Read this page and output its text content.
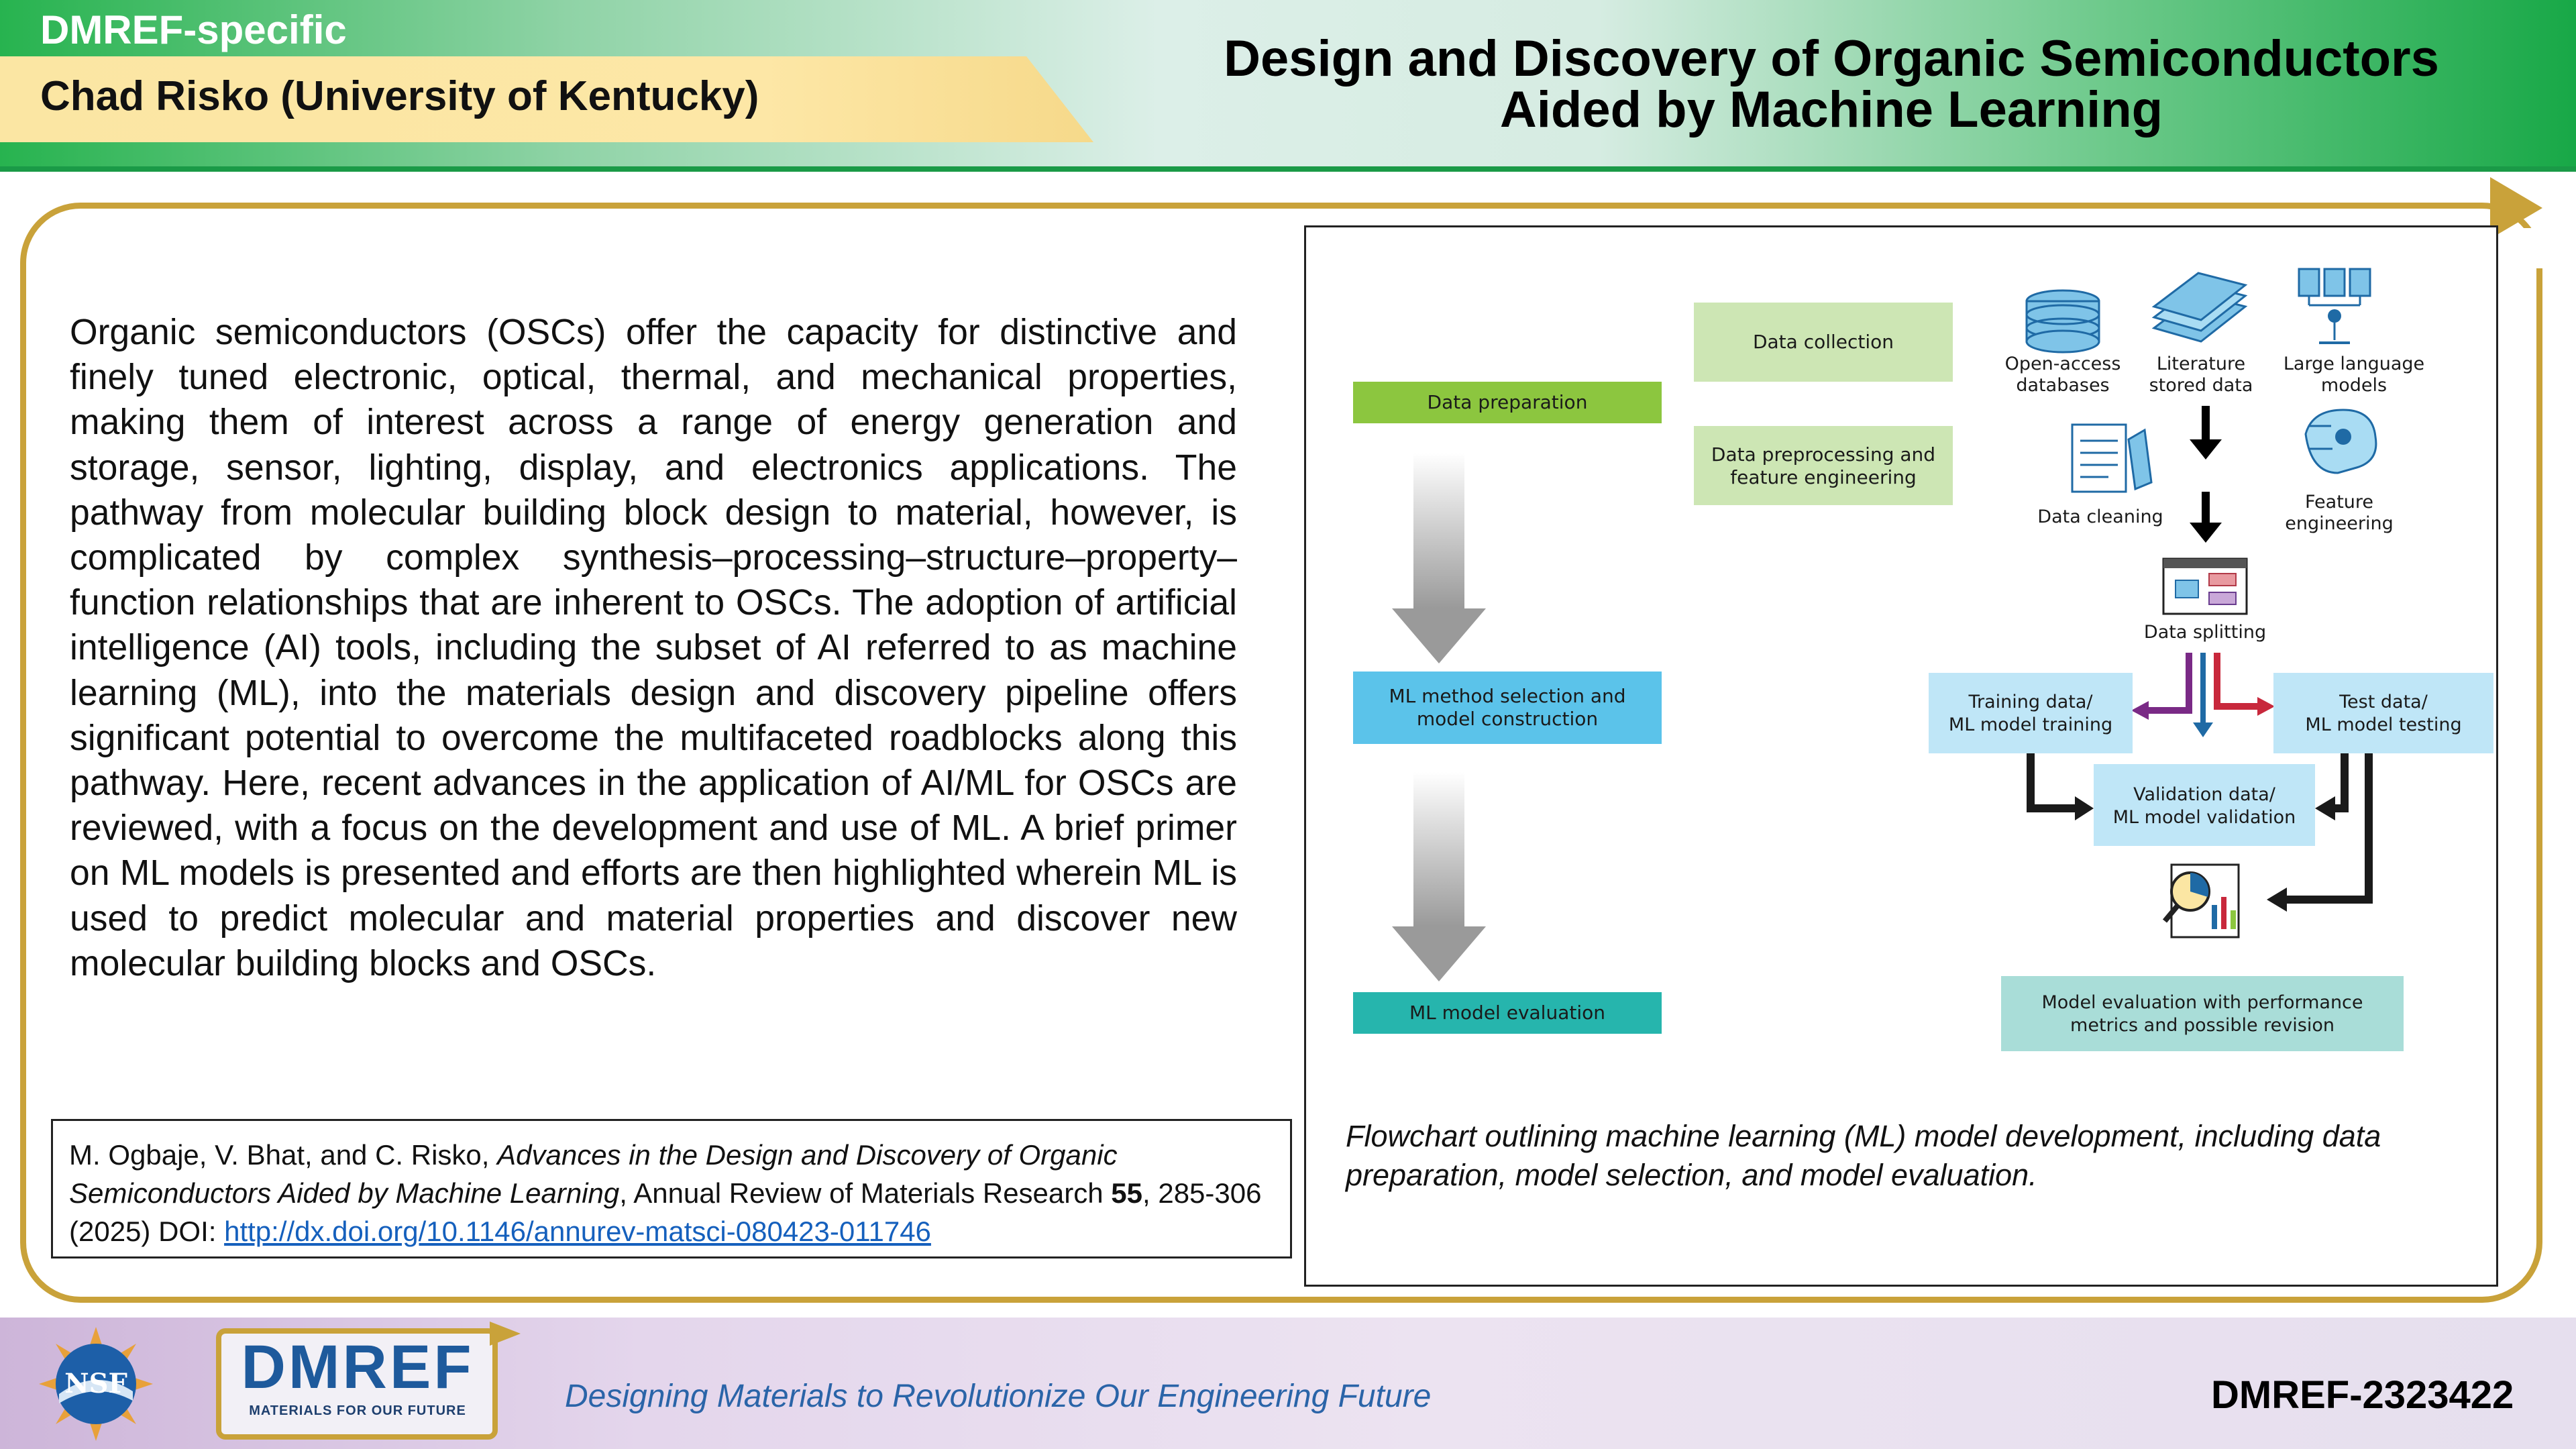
DMREF-specific
Chad Risko (University of Kentucky)
Design and Discovery of Organic Semiconductors
Aided by Machine Learning
Organic semiconductors (OSCs) offer the capacity for distinctive and finely tuned electronic, optical, thermal, and mechanical properties, making them of interest across a range of energy generation and storage, sensor, lighting, display, and electronics applications. The pathway from molecular building block design to material, however, is complicated by complex synthesis–processing–structure–property–function relationships that are inherent to OSCs. The adoption of artificial intelligence (AI) tools, including the subset of AI referred to as machine learning (ML), into the materials design and discovery pipeline offers significant potential to overcome the multifaceted roadblocks along this pathway. Here, recent advances in the application of AI/ML for OSCs are reviewed, with a focus on the development and use of ML. A brief primer on ML models is presented and efforts are then highlighted wherein ML is used to predict molecular and material properties and discover new molecular building blocks and OSCs.
M. Ogbaje, V. Bhat, and C. Risko, Advances in the Design and Discovery of Organic Semiconductors Aided by Machine Learning, Annual Review of Materials Research 55, 285-306 (2025) DOI: http://dx.doi.org/10.1146/annurev-matsci-080423-011746
Data preparation
ML method selection and
model construction
ML model evaluation
Data collection
Data preprocessing and
feature engineering
Open-access
databases
Literature
stored data
Large language
models
Data cleaning
Feature
engineering
Data splitting
Training data/
ML model training
Test data/
ML model testing
Validation data/
ML model validation
Model evaluation with performance
metrics and possible revision
Flowchart outlining machine learning (ML) model development, including data preparation, model selection, and model evaluation.
NSF DMREF
MATERIALS FOR OUR FUTURE	Designing Materials to Revolutionize Our Engineering Future	DMREF-2323422
